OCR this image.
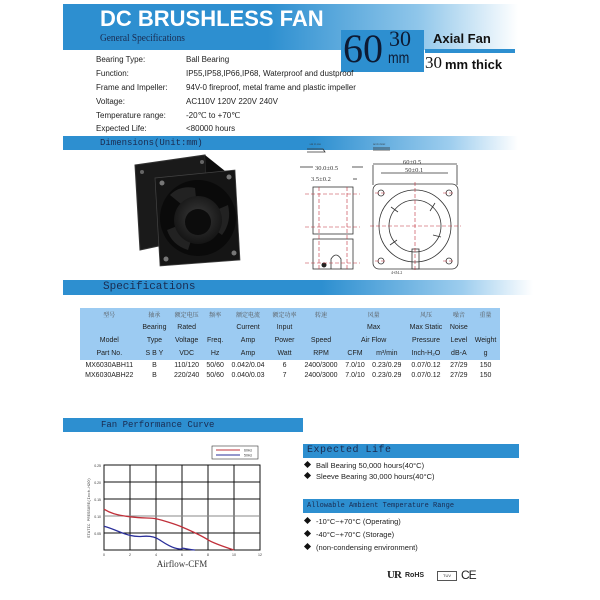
DC BRUSHLESS FAN
General Specifications	60 30
mm
Axial Fan
30 mm thick
Bearing Type:	Ball Bearing
Function:	IP55,IP58,IP66,IP68, Waterproof and dustproof
Frame and Impeller: 94V-0 fireproof, metal frame and plastic impeller
Voltage:	AC110V 120V 220V 240V
Temperature range:	-20℃ to +70℃
Expected Life:	<80000 hours
Dimensions(Unit:mm)	AIR FLOW	ROTATION
30.0±0.5
3.5±0.2
60±0.5
50±0.1
4-Ø4.2
Specifications
型号	轴承	额定电压	频率	额定电流	额定功率	转速	风量		风压	噪音	重量
	Bearing	Rated		Current	Input		Max		Max Static	Noise	
Model	Type	Voltage	Freq.	Amp	Power	Speed	Air Flow		Pressure	Level	Weight
Part No.	S B Y	VDC	Hz	Amp	Watt	RPM	CFM	m³/min	Inch-H₂O	dB-A	g
MX6030ABH11	B	110/120	50/60	0.042/0.04	6	2400/3000	7.0/10	0.23/0.29	0.07/0.12	27/29	150
MX6030ABH22	B	220/240	50/60	0.040/0.03	7	2400/3000	7.0/10	0.23/0.29	0.07/0.12	27/29	150
Fan Performance Curve
60Hz
50Hz
0.25
0.20
0.15
0.10
0.05
0	2	4	6	8	10	12
STATIC PRESSURE(Inch-H2O)
Airflow-CFM
Expected Life
Ball Bearing 50,000 hours(40°C)
Sleeve Bearing 30,000 hours(40°C)
Allowable Ambient Temperature Range
-10°C~+70°C (Operating)
-40°C~+70°C (Storage)
(non-condensing environment)
UR RoHS	TUV CE
